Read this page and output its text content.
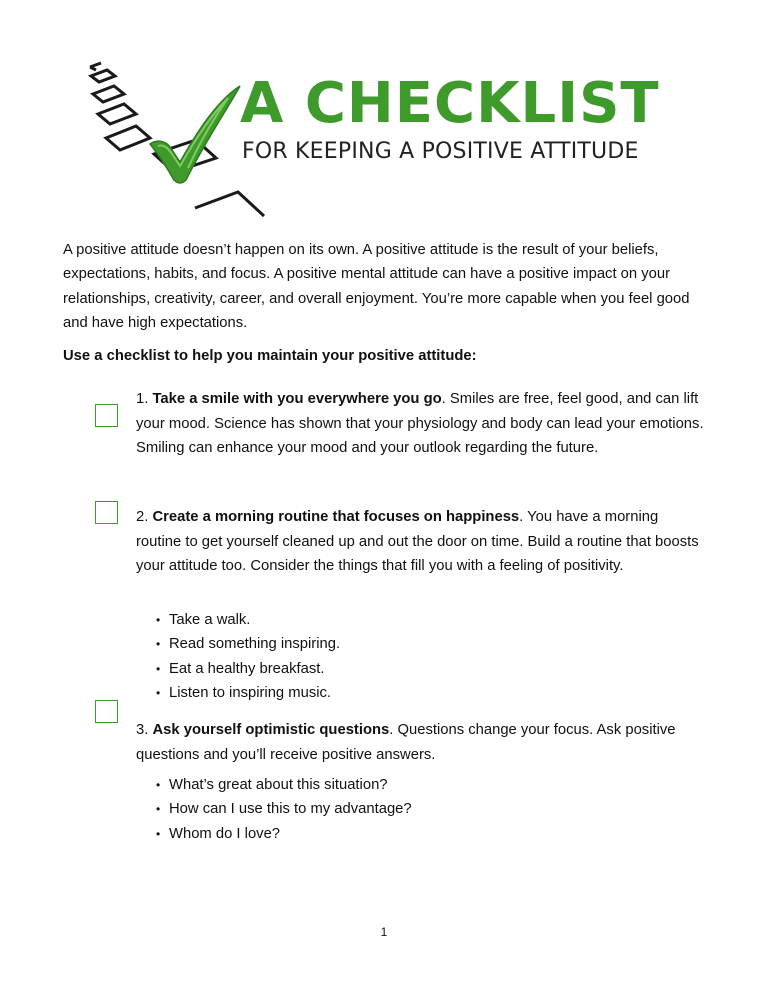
A CHECKLIST
FOR KEEPING A POSITIVE ATTITUDE

A positive attitude doesn’t happen on its own. A positive attitude is the result of your beliefs, expectations, habits, and focus. A positive mental attitude can have a positive impact on your relationships, creativity, career, and overall enjoyment. You’re more capable when you feel good and have high expectations.

Use a checklist to help you maintain your positive attitude:

1. Take a smile with you everywhere you go. Smiles are free, feel good, and can lift your mood. Science has shown that your physiology and body can lead your emotions. Smiling can enhance your mood and your outlook regarding the future.

2. Create a morning routine that focuses on happiness. You have a morning routine to get yourself cleaned up and out the door on time. Build a routine that boosts your attitude too. Consider the things that fill you with a feeling of positivity.

• Take a walk.
• Read something inspiring.
• Eat a healthy breakfast.
• Listen to inspiring music.

3. Ask yourself optimistic questions. Questions change your focus. Ask positive questions and you’ll receive positive answers.

• What’s great about this situation?
• How can I use this to my advantage?
• Whom do I love?
1
